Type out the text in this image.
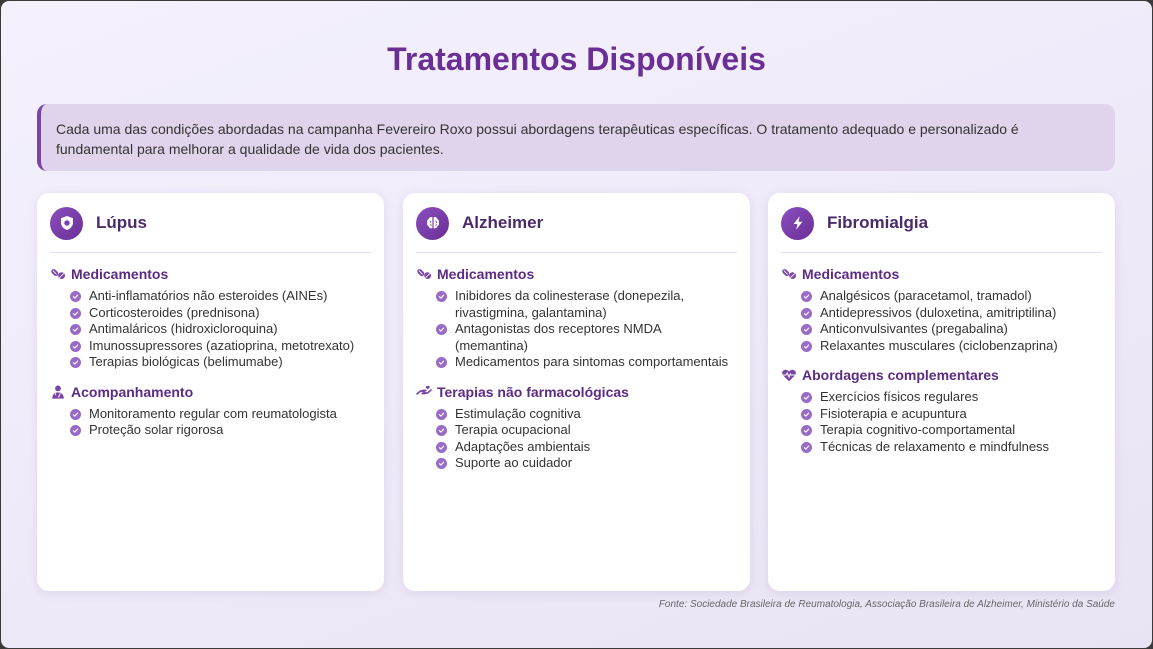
Tratamentos Disponíveis
Cada uma das condições abordadas na campanha Fevereiro Roxo possui abordagens terapêuticas específicas. O tratamento adequado e personalizado é fundamental para melhorar a qualidade de vida dos pacientes.
Lúpus
Medicamentos
Anti-inflamatórios não esteroides (AINEs)
Corticosteroides (prednisona)
Antimaláricos (hidroxicloroquina)
Imunossupressores (azatioprina, metotrexato)
Terapias biológicas (belimumabe)
Acompanhamento
Monitoramento regular com reumatologista
Proteção solar rigorosa
Alzheimer
Medicamentos
Inibidores da colinesterase (donepezila, rivastigmina, galantamina)
Antagonistas dos receptores NMDA (memantina)
Medicamentos para sintomas comportamentais
Terapias não farmacológicas
Estimulação cognitiva
Terapia ocupacional
Adaptações ambientais
Suporte ao cuidador
Fibromialgia
Medicamentos
Analgésicos (paracetamol, tramadol)
Antidepressivos (duloxetina, amitriptilina)
Anticonvulsivantes (pregabalina)
Relaxantes musculares (ciclobenzaprina)
Abordagens complementares
Exercícios físicos regulares
Fisioterapia e acupuntura
Terapia cognitivo-comportamental
Técnicas de relaxamento e mindfulness
Fonte: Sociedade Brasileira de Reumatologia, Associação Brasileira de Alzheimer, Ministério da Saúde
